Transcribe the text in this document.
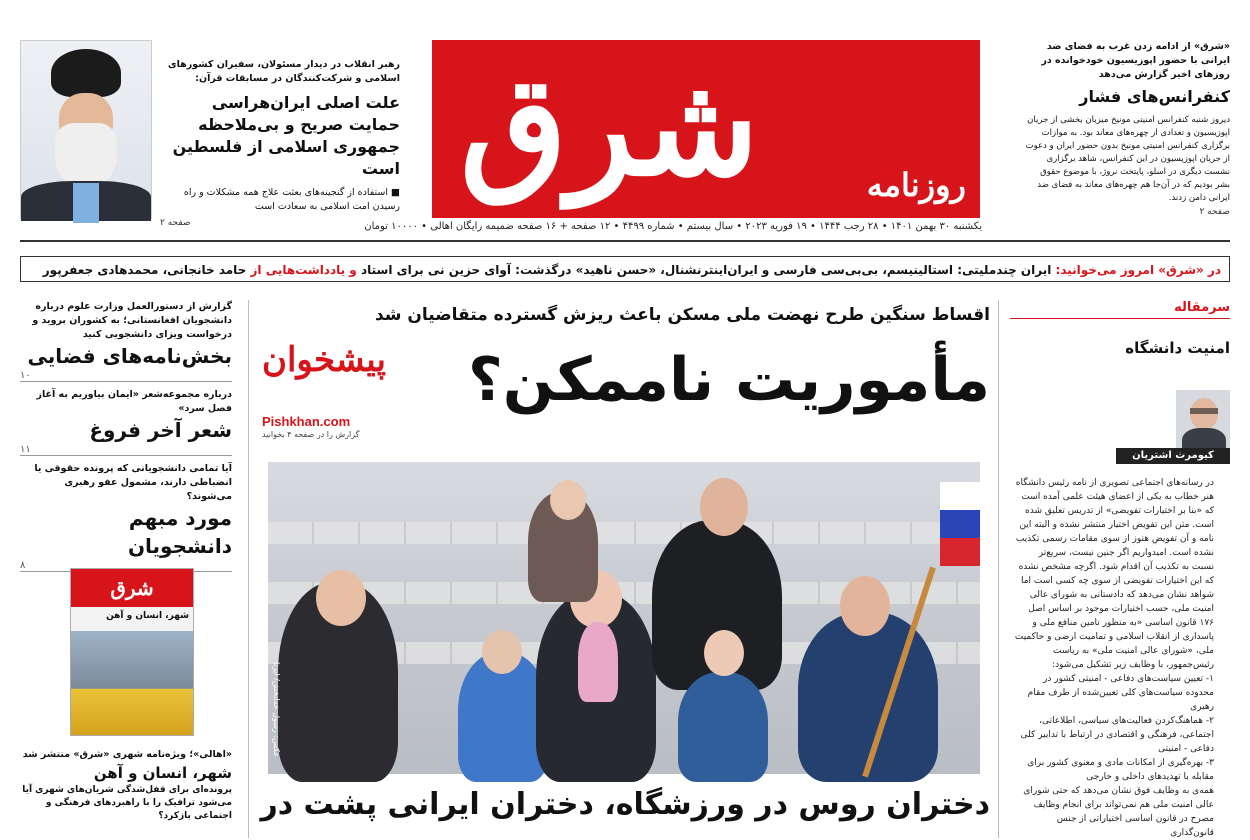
شرق	روزنامه
یکشنبه ۳۰ بهمن ۱۴۰۱ • ۲۸ رجب ۱۴۴۴ • ۱۹ فوریه ۲۰۲۳ • سال بیستم • شماره ۴۴۹۹ • ۱۲ صفحه + ۱۶ صفحه ضمیمه رایگان اهالی • ۱۰۰۰۰ تومان
رهبر انقلاب در دیدار مسئولان، سفیران کشورهای اسلامی و شرکت‌کنندگان در مسابقات قرآن:
علت اصلی ایران‌هراسی
حمایت صریح و بی‌ملاحظه
جمهوری اسلامی از فلسطین است
■ استفاده از گنجینه‌های بعثت علاج همه مشکلات و راه رسیدن امت اسلامی به سعادت است
صفحه ۲
«شرق» از ادامه زدن غرب به فضای ضد ایرانی با حضور اپوزیسیون خودخوانده در روزهای اخیر گزارش می‌دهد
کنفرانس‌های فشار
دیروز شنبه کنفرانس امنیتی مونیخ میزبان بخشی از جریان اپوزیسیون و تعدادی از چهره‌های معاند بود. به موازات برگزاری کنفرانس امنیتی مونیخ بدون حضور ایران و دعوت از جریان اپوزیسیون در این کنفرانس، شاهد برگزاری نشست دیگری در اسلو، پایتخت نروژ، با موضوع حقوق بشر بودیم که در آن‌جا هم چهره‌های معاند به فضای ضد ایرانی دامن زدند.
صفحه ۲
در «شرق» امروز می‌خوانید: ایران چندملیتی: استالینیسم، بی‌بی‌سی فارسی و ایران‌اینترنشنال، «حسن ناهید» درگذشت: آوای حزین نی برای استاد و یادداشت‌هایی از حامد خانجانی، محمدهادی جعفرپور
گزارش از دستورالعمل وزارت علوم درباره دانشجویان افغانستانی؛ به کشوران بروید و درخواست ویزای دانشجویی کنید
بخش‌نامه‌های فضایی
۱۰
درباره مجموعه‌شعر «ایمان بیاوریم به آغاز فصل سرد»
شعر آخر فروغ
۱۱
آیا تمامی دانشجویانی که پرونده حقوقی یا انضباطی دارند، مشمول عفو رهبری می‌شوند؟
مورد مبهم دانشجویان
۸
شرق
شهر، انسان و آهن
«اهالی»؛ ویژه‌نامه شهری «شرق» منتشر شد
شهر، انسان و آهن
پرونده‌ای برای قفل‌شدگی شریان‌های شهری آیا می‌شود ترافیک را با راهبردهای فرهنگی و اجتماعی بازکرد؟
اقساط سنگین طرح نهضت ملی مسکن باعث ریزش گسترده متقاضیان شد
مأموریت ناممکن؟
پیشخوان
Pishkhan.com
گزارش را در صفحه ۴ بخوانید
عکس: رسول خدابخش/ ایرنا
دختران روس در ورزشگاه، دختران ایرانی پشت در
سرمقاله
امنیت دانشگاه
کیومرث اشتریان
در رسانه‌های اجتماعی تصویری از نامه رئیس دانشگاه هنر خطاب به یکی از اعضای هیئت علمی آمده است که «بنا بر اختیارات تفویضی» از تدریس تعلیق شده است. متن این تفویض اختیار منتشر نشده و البته این نامه و آن تفویض هنوز از سوی مقامات رسمی تکذیب نشده است. امیدواریم اگر جنین نیست، سریع‌تر نسبت به تکذیب آن اقدام شود. اگرچه مشخص نشده که این اختیارات تفویضی از سوی چه کسی است اما شواهد نشان می‌دهد که دادستانی به شورای عالی امنیت ملی، حسب اختیارات موجود بر اساس اصل ۱۷۶ قانون اساسی «به منظور تامین منافع ملی و پاسداری از انقلاب اسلامی و تمامیت ارضی و حاکمیت ملی، «شورای عالی امنیت ملی» به ریاست رئیس‌جمهور، با وظایف زیر تشکیل می‌شود:
۱- تعیین سیاست‌های دفاعی - امنیتی کشور در محدوده سیاست‌های کلی تعیین‌شده از طرف مقام رهبری
۲- هماهنگ‌کردن فعالیت‌های سیاسی، اطلاعاتی، اجتماعی، فرهنگی و اقتصادی در ارتباط با تدابیر کلی دفاعی - امنیتی
۳- بهره‌گیری از امکانات مادی و معنوی کشور برای مقابله با تهدیدهای داخلی و خارجی
همه‌ی به وظایف فوق نشان می‌دهد که حتی شورای عالی امنیت ملی هم نمی‌تواند برای انجام وظایف مصرح در قانون اساسی اختیاراتی از جنس قانون‌گذاری
